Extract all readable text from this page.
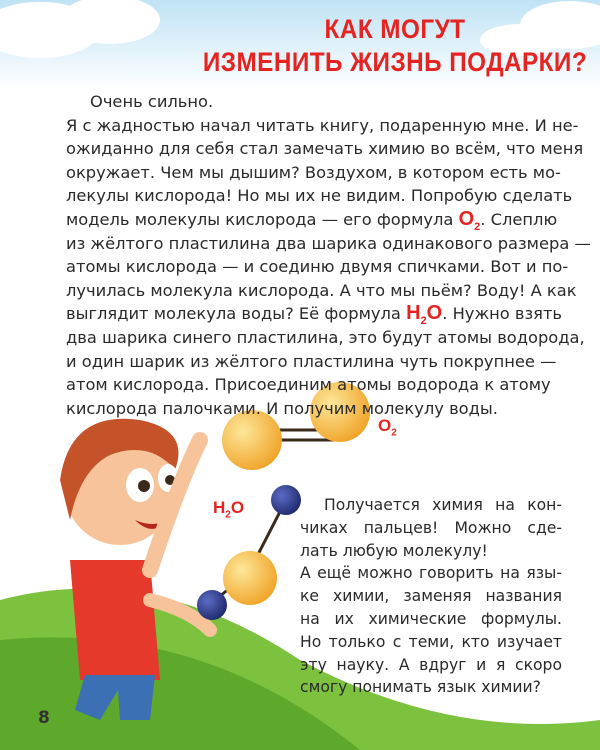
КАК МОГУТ
ИЗМЕНИТЬ ЖИЗНЬ ПОДАРКИ?
Очень сильно.
Я с жадностью начал читать книгу, подаренную мне. И не-
ожиданно для себя стал замечать химию во всём, что меня
окружает. Чем мы дышим? Воздухом, в котором есть мо-
лекулы кислорода! Но мы их не видим. Попробую сделать
модель молекулы кислорода — его формула $O_2$. Слеплю
из жёлтого пластилина два шарика одинакового размера —
атомы кислорода — и соединю двумя спичками. Вот и по-
лучилась молекула кислорода. А что мы пьём? Воду! А как
выглядит молекула воды? Её формула $H_2O$. Нужно взять
два шарика синего пластилина, это будут атомы водорода,
и один шарик из жёлтого пластилина чуть покрупнее —
атом кислорода. Присоединим атомы водорода к атому
кислорода палочками. И получим молекулу воды.
$O_2$
$H_2O$	Получается химия на кон-
чиках пальцев! Можно сде-
лать любую молекулу!
А ещё можно говорить на язы-
ке химии, заменяя названия
на их химические формулы.
Но только с теми, кто изучает
эту науку. А вдруг и я скоро
смогу понимать язык химии?
8
